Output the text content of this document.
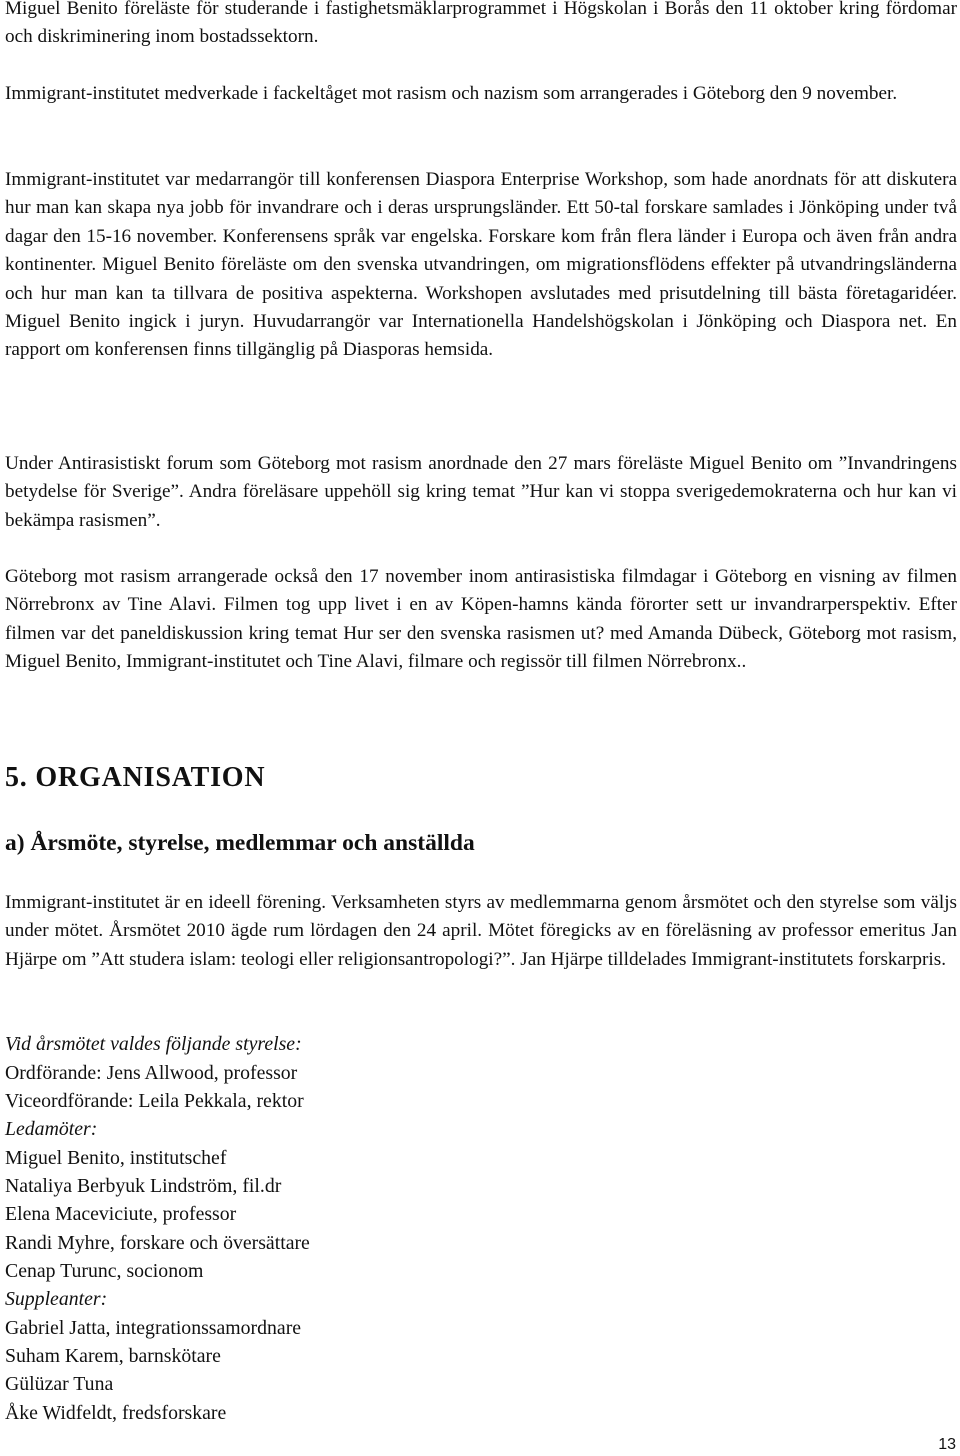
Miguel Benito föreläste för studerande i fastighetsmäklarprogrammet i Högskolan i Borås den 11 oktober kring fördomar och diskriminering inom bostadssektorn.

Immigrant-institutet medverkade i fackeltåget mot rasism och nazism som arrangerades i Göteborg den 9 november.

Immigrant-institutet var medarrangör till konferensen Diaspora Enterprise Workshop, som hade anordnats för att diskutera hur man kan skapa nya jobb för invandrare och i deras ursprungsländer. Ett 50-tal forskare samlades i Jönköping under två dagar den 15-16 november. Konferensens språk var engelska. Forskare kom från flera länder i Europa och även från andra kontinenter. Miguel Benito föreläste om den svenska utvandringen, om migrationsflödens effekter på utvandringsländerna och hur man kan ta tillvara de positiva aspekterna. Workshopen avslutades med prisutdelning till bästa företagaridéer. Miguel Benito ingick i juryn. Huvudarrangör var Internationella Handelshögskolan i Jönköping och Diaspora net. En rapport om konferensen finns tillgänglig på Diasporas hemsida.

Under Antirasistiskt forum som Göteborg mot rasism anordnade den 27 mars föreläste Miguel Benito om ”Invandringens betydelse för Sverige”. Andra föreläsare uppehöll sig kring temat ”Hur kan vi stoppa sverigedemokraterna och hur kan vi bekämpa rasismen”.

Göteborg mot rasism arrangerade också den 17 november inom antirasistiska filmdagar i Göteborg en visning av filmen Nörrebronx av Tine Alavi. Filmen tog upp livet i en av Köpen-hamns kända förorter sett ur invandrarperspektiv. Efter filmen var det paneldiskussion kring temat Hur ser den svenska rasismen ut? med Amanda Dübeck, Göteborg mot rasism, Miguel Benito, Immigrant-institutet och Tine Alavi, filmare och regissör till filmen Nörrebronx..

5. ORGANISATION
a) Årsmöte, styrelse, medlemmar och anställda

Immigrant-institutet är en ideell förening. Verksamheten styrs av medlemmarna genom årsmötet och den styrelse som väljs under mötet. Årsmötet 2010 ägde rum lördagen den 24 april. Mötet föregicks av en föreläsning av professor emeritus Jan Hjärpe om ”Att studera islam: teologi eller religionsantropologi?”. Jan Hjärpe tilldelades Immigrant-institutets forskarpris.

Vid årsmötet valdes följande styrelse:

Ordförande: Jens Allwood, professor

Viceordförande: Leila Pekkala, rektor

Ledamöter:

Miguel Benito, institutschef

Nataliya Berbyuk Lindström, fil.dr

Elena Maceviciute, professor

Randi Myhre, forskare och översättare

Cenap Turunc, socionom

Suppleanter:

Gabriel Jatta, integrationssamordnare

Suham Karem, barnskötare

Gülüzar Tuna

Åke Widfeldt, fredsforskare

13
